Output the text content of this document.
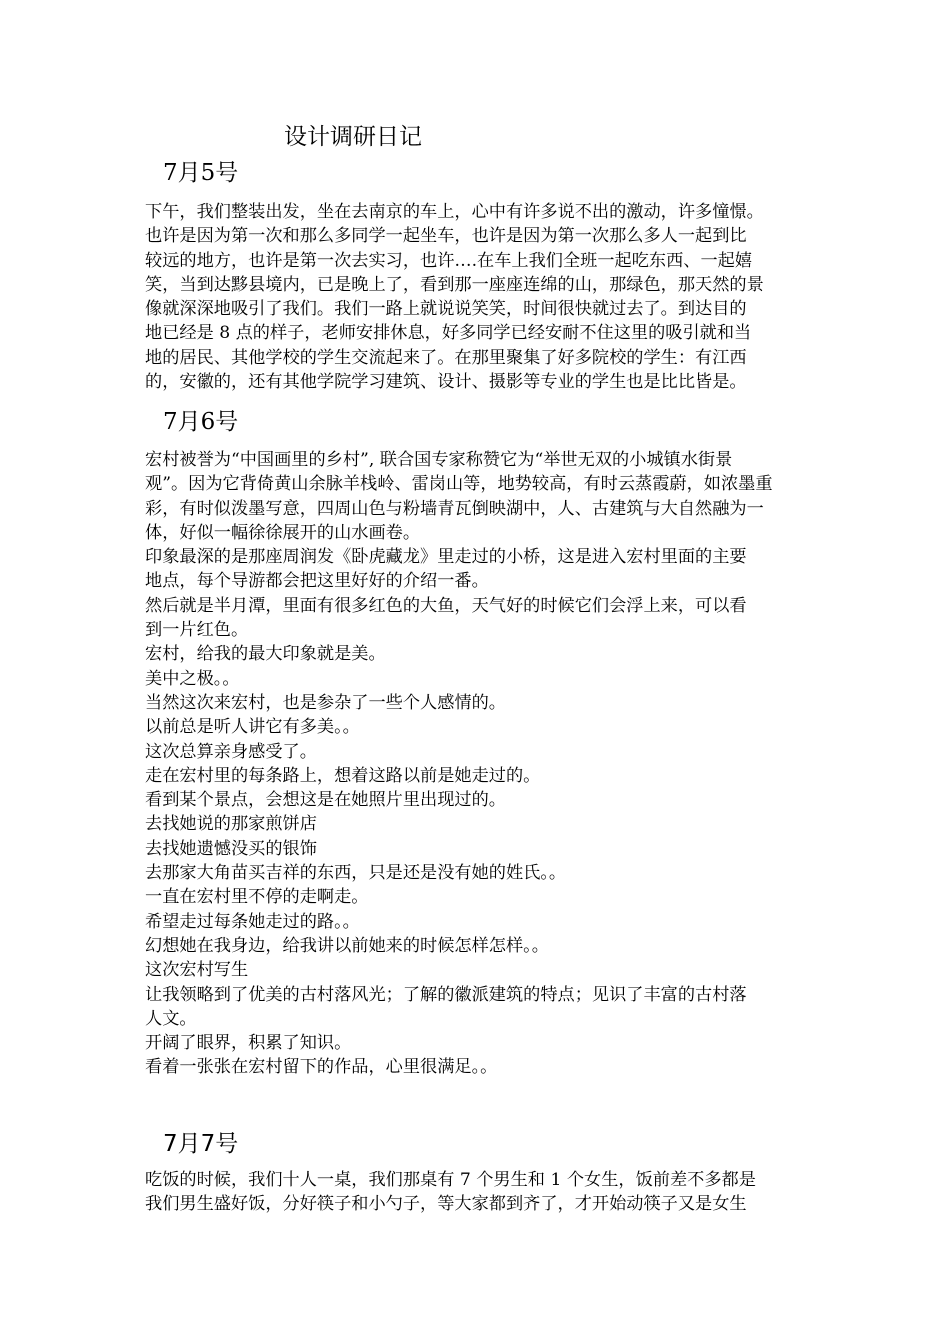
设计调研日记
7月5号
下午，我们整装出发，坐在去南京的车上，心中有许多说不出的激动，许多憧憬。
也许是因为第一次和那么多同学一起坐车，也许是因为第一次那么多人一起到比
较远的地方，也许是第一次去实习，也许….在车上我们全班一起吃东西、一起嬉
笑，当到达黟县境内，已是晚上了，看到那一座座连绵的山，那绿色，那天然的景
像就深深地吸引了我们。我们一路上就说说笑笑，时间很快就过去了。到达目的
地已经是 8 点的样子，老师安排休息，好多同学已经安耐不住这里的吸引就和当
地的居民、其他学校的学生交流起来了。在那里聚集了好多院校的学生：有江西
的，安徽的，还有其他学院学习建筑、设计、摄影等专业的学生也是比比皆是。
7月6号
宏村被誉为“中国画里的乡村”, 联合国专家称赞它为“举世无双的小城镇水街景
观”。因为它背倚黄山余脉羊栈岭、雷岗山等，地势较高，有时云蒸霞蔚，如浓墨重
彩，有时似泼墨写意，四周山色与粉墙青瓦倒映湖中，人、古建筑与大自然融为一
体，好似一幅徐徐展开的山水画卷。
印象最深的是那座周润发《卧虎藏龙》里走过的小桥，这是进入宏村里面的主要
地点，每个导游都会把这里好好的介绍一番。
然后就是半月潭，里面有很多红色的大鱼，天气好的时候它们会浮上来，可以看
到一片红色。
宏村，给我的最大印象就是美。
美中之极。。
当然这次来宏村，也是参杂了一些个人感情的。
以前总是听人讲它有多美。。
这次总算亲身感受了。
走在宏村里的每条路上，想着这路以前是她走过的。
看到某个景点，会想这是在她照片里出现过的。
去找她说的那家煎饼店
去找她遗憾没买的银饰
去那家大角苗买吉祥的东西，只是还是没有她的姓氏。。
一直在宏村里不停的走啊走。
希望走过每条她走过的路。。
幻想她在我身边，给我讲以前她来的时候怎样怎样。。
这次宏村写生
让我领略到了优美的古村落风光；了解的徽派建筑的特点；见识了丰富的古村落
人文。
开阔了眼界，积累了知识。
看着一张张在宏村留下的作品，心里很满足。。
7月7号
吃饭的时候，我们十人一桌，我们那桌有 7 个男生和 1 个女生，饭前差不多都是
我们男生盛好饭，分好筷子和小勺子，等大家都到齐了，才开始动筷子又是女生
